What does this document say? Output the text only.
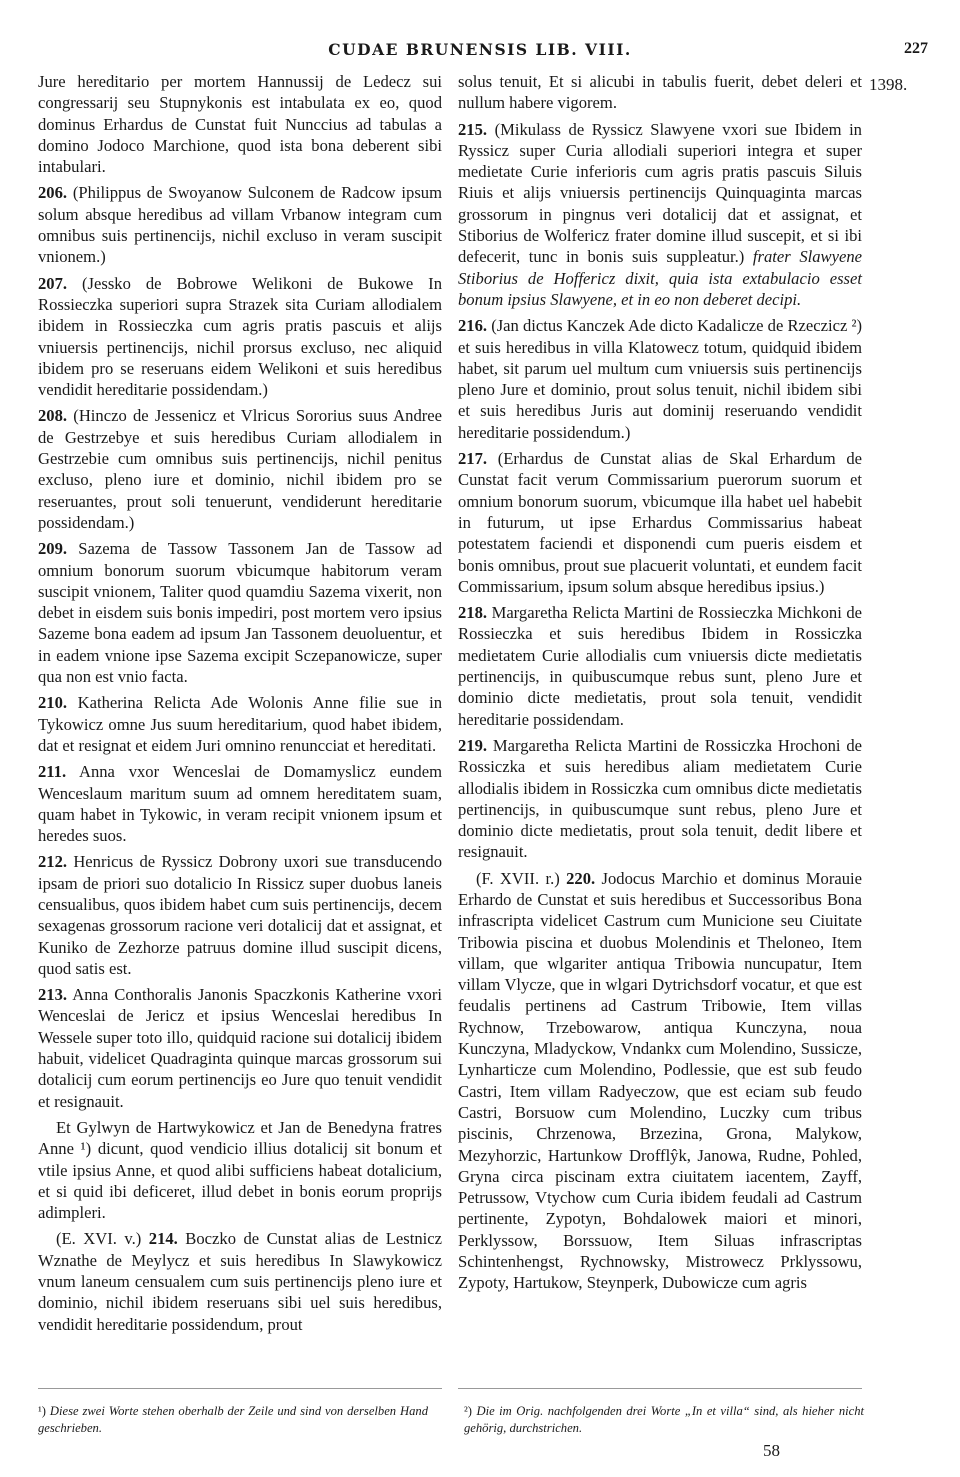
CUDAE BRUNENSIS LIB. VIII.	227
1398.

Jure hereditario per mortem Hannussij de Ledecz sui congressarij seu Stupnykonis est intabulata ex eo, quod dominus Erhardus de Cunstat fuit Nunccius ad tabulas a domino Jodoco Marchione, quod ista bona deberent sibi intabulari.

206. (Philippus de Swoyanow Sulconem de Radcow ipsum solum absque heredibus ad villam Vrbanow integram cum omnibus suis pertinencijs, nichil excluso in veram suscipit vnionem.)

207. (Jessko de Bobrowe Welikoni de Bukowe In Rossieczka superiori supra Strazek sita Curiam allodialem ibidem in Rossieczka cum agris pratis pascuis et alijs vniuersis pertinencijs, nichil prorsus excluso, nec aliquid ibidem pro se reseruans eidem Welikoni et suis heredibus vendidit hereditarie possidendam.)

208. (Hinczo de Jessenicz et Vlricus Sororius suus Andree de Gestrzebye et suis heredibus Curiam allodialem in Gestrzebie cum omnibus suis pertinencijs, nichil penitus excluso, pleno iure et dominio, nichil ibidem pro se reseruantes, prout soli tenuerunt, vendiderunt hereditarie possidendam.)

209. Sazema de Tassow Tassonem Jan de Tassow ad omnium bonorum suorum vbicumque habitorum veram suscipit vnionem, Taliter quod quamdiu Sazema vixerit, non debet in eisdem suis bonis impediri, post mortem vero ipsius Sazeme bona eadem ad ipsum Jan Tassonem deuoluentur, et in eadem vnione ipse Sazema excipit Sczepanowicze, super qua non est vnio facta.

210. Katherina Relicta Ade Wolonis Anne filie sue in Tykowicz omne Jus suum hereditarium, quod habet ibidem, dat et resignat et eidem Juri omnino renuncciat et hereditati.

211. Anna vxor Wenceslai de Domamyslicz eundem Wenceslaum maritum suum ad omnem hereditatem suam, quam habet in Tykowic, in veram recipit vnionem ipsum et heredes suos.

212. Henricus de Ryssicz Dobrony uxori sue transducendo ipsam de priori suo dotalicio In Rissicz super duobus laneis censualibus, quos ibidem habet cum suis pertinencijs, decem sexagenas grossorum racione veri dotalicij dat et assignat, et Kuniko de Zezhorze patruus domine illud suscipit dicens, quod satis est.

213. Anna Conthoralis Janonis Spaczkonis Katherine vxori Wenceslai de Jericz et ipsius Wenceslai heredibus In Wessele super toto illo, quidquid racione sui dotalicij ibidem habuit, videlicet Quadraginta quinque marcas grossorum sui dotalicij cum eorum pertinencijs eo Jure quo tenuit vendidit et resignauit.

Et Gylwyn de Hartwykowicz et Jan de Benedyna fratres Anne ¹) dicunt, quod vendicio illius dotalicij sit bonum et vtile ipsius Anne, et quod alibi sufficiens habeat dotalicium, et si quid ibi deficeret, illud debet in bonis eorum proprijs adimpleri.

(E. XVI. v.) 214. Boczko de Cunstat alias de Lestnicz Wznathe de Meylycz et suis heredibus In Slawykowicz vnum laneum censualem cum suis pertinencijs pleno iure et dominio, nichil ibidem reseruans sibi uel suis heredibus, vendidit hereditarie possidendum, prout

solus tenuit, Et si alicubi in tabulis fuerit, debet deleri et nullum habere vigorem.

215. (Mikulass de Ryssicz Slawyene vxori sue Ibidem in Ryssicz super Curia allodiali superiori integra et super medietate Curie inferioris cum agris pratis pascuis Siluis Riuis et alijs vniuersis pertinencijs Quinquaginta marcas grossorum in pingnus veri dotalicij dat et assignat, et Stiborius de Wolfericz frater domine illud suscepit, et si ibi defecerit, tunc in bonis suis suppleatur.) frater Slawyene Stiborius de Hoffericz dixit, quia ista extabulacio esset bonum ipsius Slawyene, et in eo non deberet decipi.

216. (Jan dictus Kanczek Ade dicto Kadalicze de Rzeczicz ²) et suis heredibus in villa Klatowecz totum, quidquid ibidem habet, sit parum uel multum cum vniuersis suis pertinencijs pleno Jure et dominio, prout solus tenuit, nichil ibidem sibi et suis heredibus Juris aut dominij reseruando vendidit hereditarie possidendum.)

217. (Erhardus de Cunstat alias de Skal Erhardum de Cunstat facit verum Commissarium puerorum suorum et omnium bonorum suorum, vbicumque illa habet uel habebit in futurum, ut ipse Erhardus Commissarius habeat potestatem faciendi et disponendi cum pueris eisdem et bonis omnibus, prout sue placuerit voluntati, et eundem facit Commissarium, ipsum solum absque heredibus ipsius.)

218. Margaretha Relicta Martini de Rossieczka Michkoni de Rossieczka et suis heredibus Ibidem in Rossiczka medietatem Curie allodialis cum vniuersis dicte medietatis pertinencijs, in quibuscumque rebus sunt, pleno Jure et dominio dicte medietatis, prout sola tenuit, vendidit hereditarie possidendam.

219. Margaretha Relicta Martini de Rossiczka Hrochoni de Rossiczka et suis heredibus aliam medietatem Curie allodialis ibidem in Rossiczka cum omnibus dicte medietatis pertinencijs, in quibuscumque sunt rebus, pleno Jure et dominio dicte medietatis, prout sola tenuit, dedit libere et resignauit.

(F. XVII. r.) 220. Jodocus Marchio et dominus Morauie Erhardo de Cunstat et suis heredibus et Successoribus Bona infrascripta videlicet Castrum cum Municione seu Ciuitate Tribowia piscina et duobus Molendinis et Theloneo, Item villam, que wlgariter antiqua Tribowia nuncupatur, Item villam Vlycze, que in wlgari Dytrichsdorf vocatur, et que est feudalis pertinens ad Castrum Tribowie, Item villas Rychnow, Trzebowarow, antiqua Kunczyna, noua Kunczyna, Mladyckow, Vndankx cum Molendino, Sussicze, Lynharticze cum Molendino, Podlessie, que est sub feudo Castri, Item villam Radyeczow, que est eciam sub feudo Castri, Borsuow cum Molendino, Luczky cum tribus piscinis, Chrzenowa, Brzezina, Grona, Malykow, Mezyhorzic, Hartunkow Drofflŷk, Janowa, Rudne, Pohled, Gryna circa piscinam extra ciuitatem iacentem, Zayff, Petrussow, Vtychow cum Curia ibidem feudali ad Castrum pertinente, Zypotyn, Bohdalowek maiori et minori, Perklyssow, Borssuow, Item Siluas infrascriptas Schintenhengst, Rychnowsky, Mistrowecz Prklyssowu, Zypoty, Hartukow, Steynperk, Dubowicze cum agris

¹) Diese zwei Worte stehen oberhalb der Zeile und sind von derselben Hand geschrieben.
²) Die im Orig. nachfolgenden drei Worte „In et villa“ sind, als hieher nicht gehörig, durchstrichen.
58
